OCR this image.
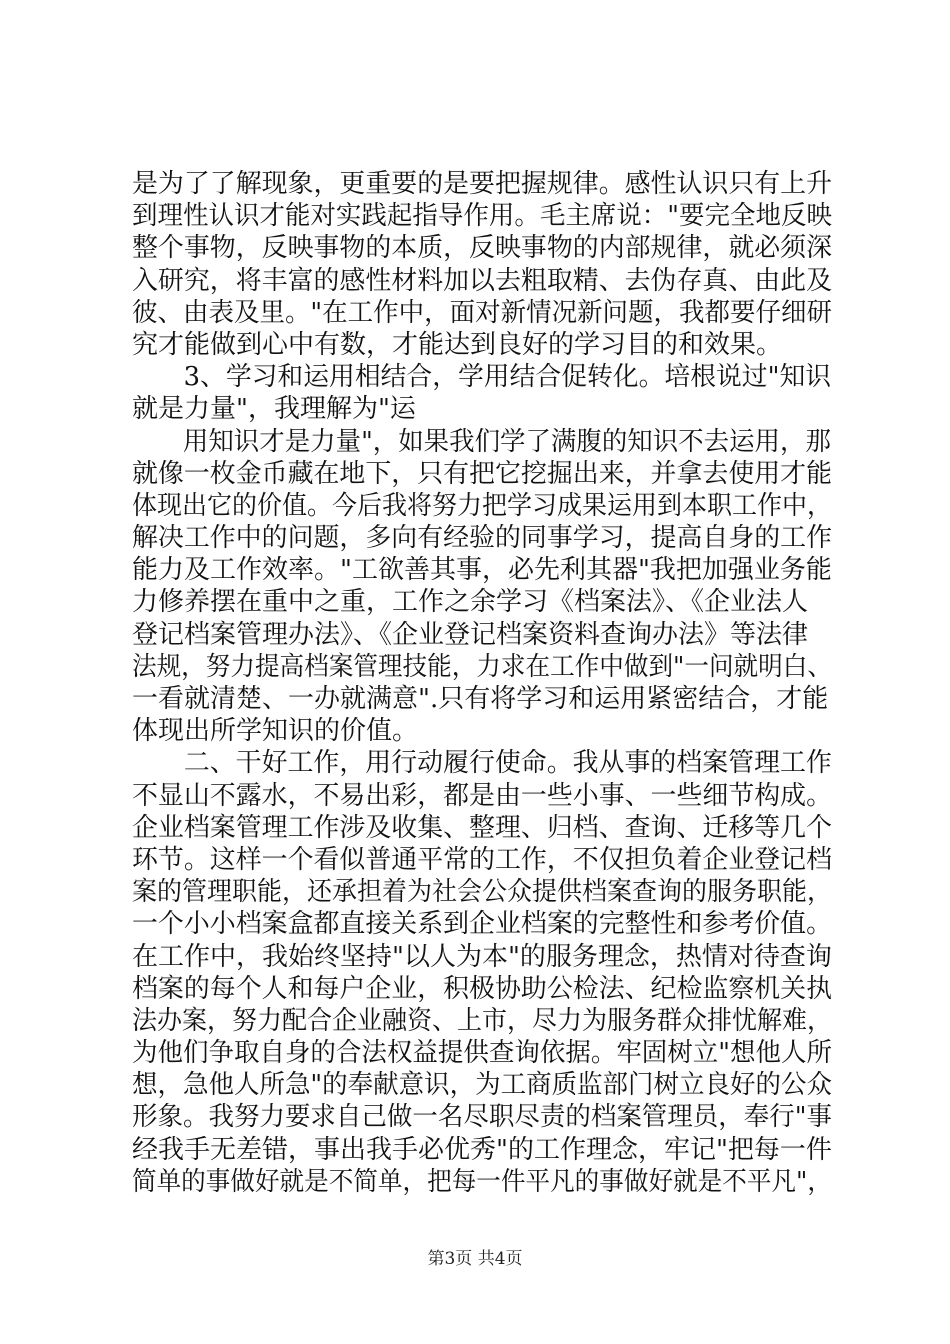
是为了了解现象，更重要的是要把握规律。感性认识只有上升
到理性认识才能对实践起指导作用。毛主席说："要完全地反映
整个事物，反映事物的本质，反映事物的内部规律，就必须深
入研究，将丰富的感性材料加以去粗取精、去伪存真、由此及
彼、由表及里。"在工作中，面对新情况新问题，我都要仔细研
究才能做到心中有数，才能达到良好的学习目的和效果。
3、学习和运用相结合，学用结合促转化。培根说过"知识
就是力量"，我理解为"运
用知识才是力量"，如果我们学了满腹的知识不去运用，那
就像一枚金币藏在地下，只有把它挖掘出来，并拿去使用才能
体现出它的价值。今后我将努力把学习成果运用到本职工作中，
解决工作中的问题，多向有经验的同事学习，提高自身的工作
能力及工作效率。"工欲善其事，必先利其器"我把加强业务能
力修养摆在重中之重，工作之余学习《档案法》、《企业法人
登记档案管理办法》、《企业登记档案资料查询办法》等法律
法规，努力提高档案管理技能，力求在工作中做到"一问就明白、
一看就清楚、一办就满意".只有将学习和运用紧密结合，才能
体现出所学知识的价值。
二、干好工作，用行动履行使命。我从事的档案管理工作
不显山不露水，不易出彩，都是由一些小事、一些细节构成。
企业档案管理工作涉及收集、整理、归档、查询、迁移等几个
环节。这样一个看似普通平常的工作，不仅担负着企业登记档
案的管理职能，还承担着为社会公众提供档案查询的服务职能，
一个小小档案盒都直接关系到企业档案的完整性和参考价值。
在工作中，我始终坚持"以人为本"的服务理念，热情对待查询
档案的每个人和每户企业，积极协助公检法、纪检监察机关执
法办案，努力配合企业融资、上市，尽力为服务群众排忧解难，
为他们争取自身的合法权益提供查询依据。牢固树立"想他人所
想，急他人所急"的奉献意识，为工商质监部门树立良好的公众
形象。我努力要求自己做一名尽职尽责的档案管理员，奉行"事
经我手无差错，事出我手必优秀"的工作理念，牢记"把每一件
简单的事做好就是不简单，把每一件平凡的事做好就是不平凡"，
第3页 共4页
